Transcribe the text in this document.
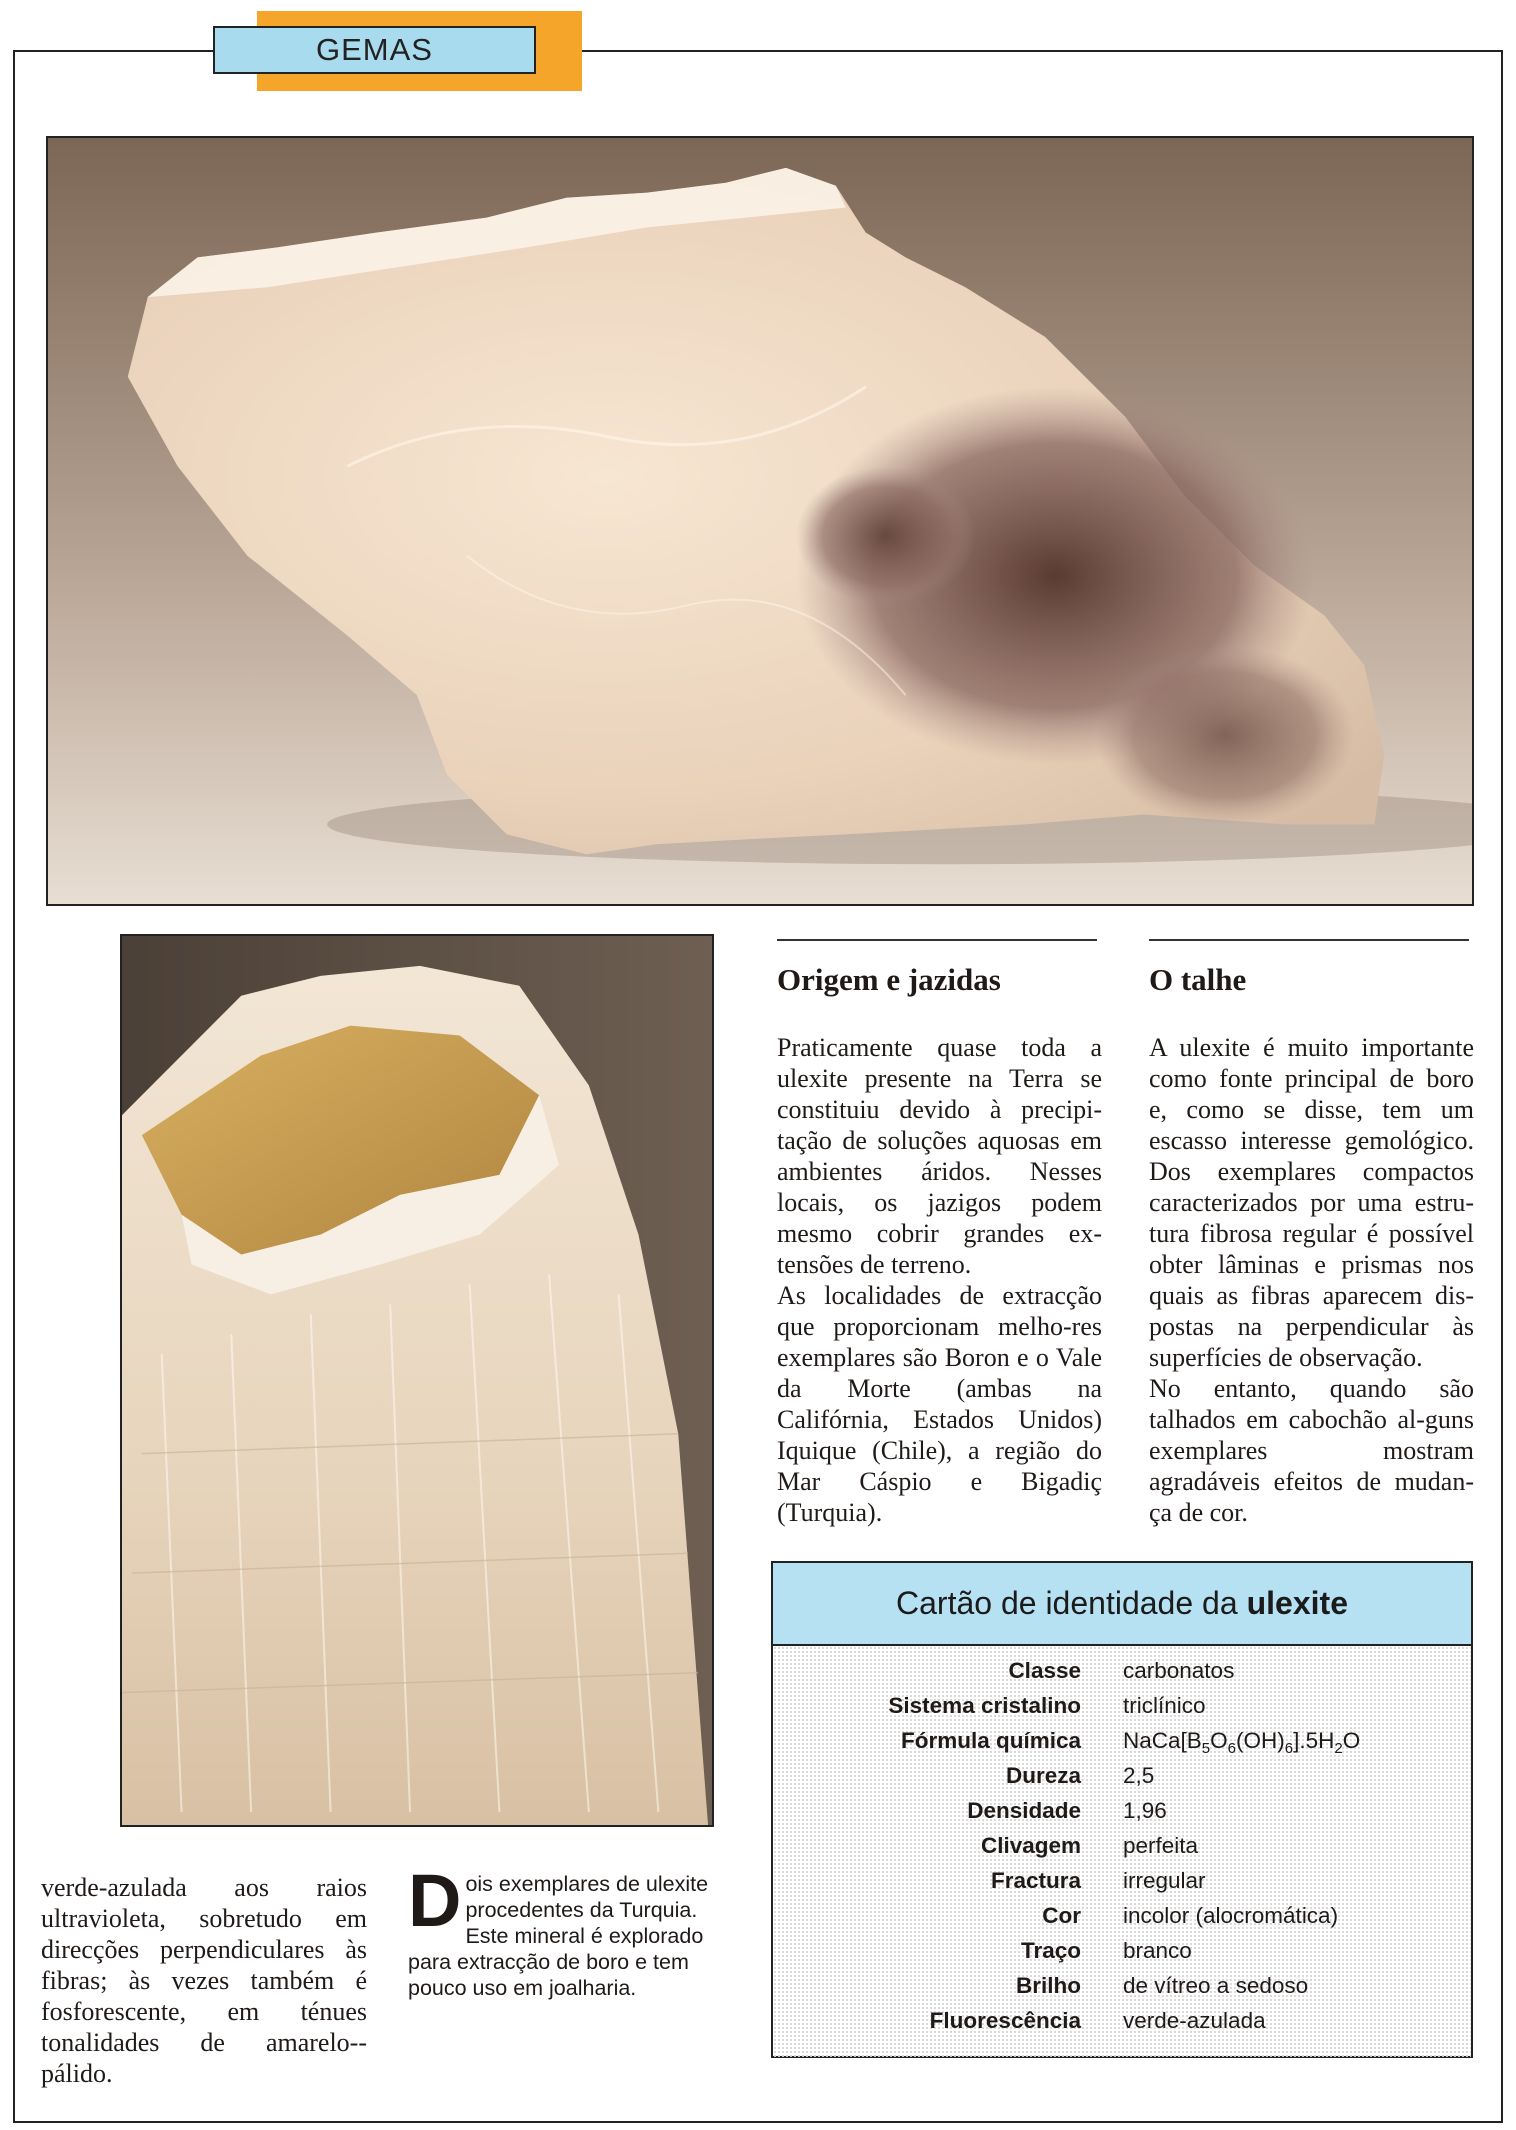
GEMAS
Origem e jazidas

Praticamente quase toda a ulexite presente na Terra se constituiu devido à precipi-tação de soluções aquosas em ambientes áridos. Nesses locais, os jazigos podem mesmo cobrir grandes ex-tensões de terreno.

As localidades de extracção que proporcionam melho-res exemplares são Boron e o Vale da Morte (ambas na Califórnia, Estados Unidos) Iquique (Chile), a região do Mar Cáspio e Bigadiç (Turquia).

O talhe

A ulexite é muito importante como fonte principal de boro e, como se disse, tem um escasso interesse gemológico. Dos exemplares compactos caracterizados por uma estru-tura fibrosa regular é possível obter lâminas e prismas nos quais as fibras aparecem dis-postas na perpendicular às superfícies de observação.

No entanto, quando são talhados em cabochão al-guns exemplares mostram agradáveis efeitos de mudan-ça de cor.

verde-azulada aos raios ultravioleta, sobretudo em direcções perpendiculares às fibras; às vezes também é fosforescente, em ténues tonalidades de amarelo--pálido.
Dois exemplares de ulexite procedentes da Turquia. Este mineral é explorado para extracção de boro e tem pouco uso em joalharia.
Cartão de identidade da ulexite
Classe carbonatos
Sistema cristalino triclínico
Fórmula química $NaCa[B_5O_6(OH)_6].5H_2O$
Dureza 2,5
Densidade 1,96
Clivagem perfeita
Fractura irregular
Cor incolor (alocromática)
Traço branco
Brilho de vítreo a sedoso
Fluorescência verde-azulada
